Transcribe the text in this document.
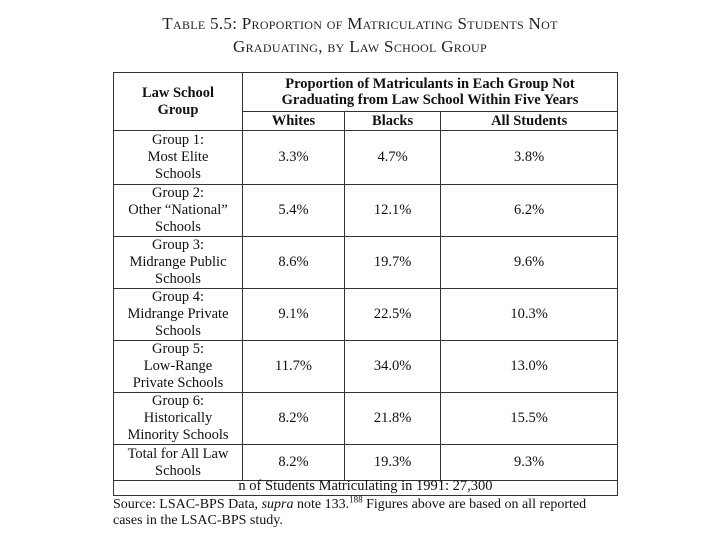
Table 5.5: Proportion of Matriculating Students Not
Graduating, by Law School Group
Law School
Group	Proportion of Matriculants in Each Group Not
Graduating from Law School Within Five Years		

	Whites	Blacks	All Students

Group 1:
Most Elite
Schools	3.3%	4.7%	3.8%

Group 2:
Other “National”
Schools	5.4%	12.1%	6.2%

Group 3:
Midrange Public
Schools	8.6%	19.7%	9.6%

Group 4:
Midrange Private
Schools	9.1%	22.5%	10.3%

Group 5:
Low-Range
Private Schools	11.7%	34.0%	13.0%

Group 6:
Historically
Minority Schools	8.2%	21.8%	15.5%

Total for All Law
Schools	8.2%	19.3%	9.3%
n of Students Matriculating in 1991: 27,300
Source: LSAC-BPS Data, supra note 133.$^{188}$ Figures above are based on all reported cases in the LSAC-BPS study.
